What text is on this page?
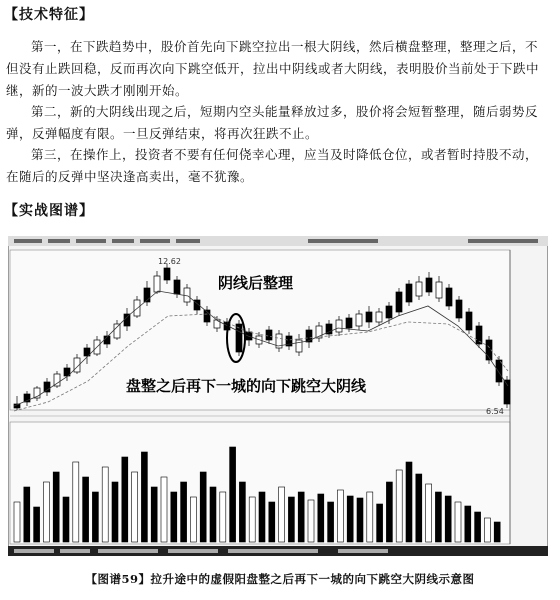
【技术特征】
第一，在下跌趋势中，股价首先向下跳空拉出一根大阴线，然后横盘整理，整理之后，不但没有止跌回稳，反而再次向下跳空低开，拉出中阴线或者大阴线，表明股价当前处于下跌中继，新的一波大跌才刚刚开始。
第二，新的大阴线出现之后，短期内空头能量释放过多，股价将会短暂整理，随后弱势反弹，反弹幅度有限。一旦反弹结束，将再次狂跌不止。
第三，在操作上，投资者不要有任何侥幸心理，应当及时降低仓位，或者暂时持股不动，在随后的反弹中坚决逢高卖出，毫不犹豫。
【实战图谱】
阴线后整理
盘整之后再下一城的向下跳空大阴线
12.62
6.54
【图谱59】拉升途中的虚假阳盘整之后再下一城的向下跳空大阴线示意图
